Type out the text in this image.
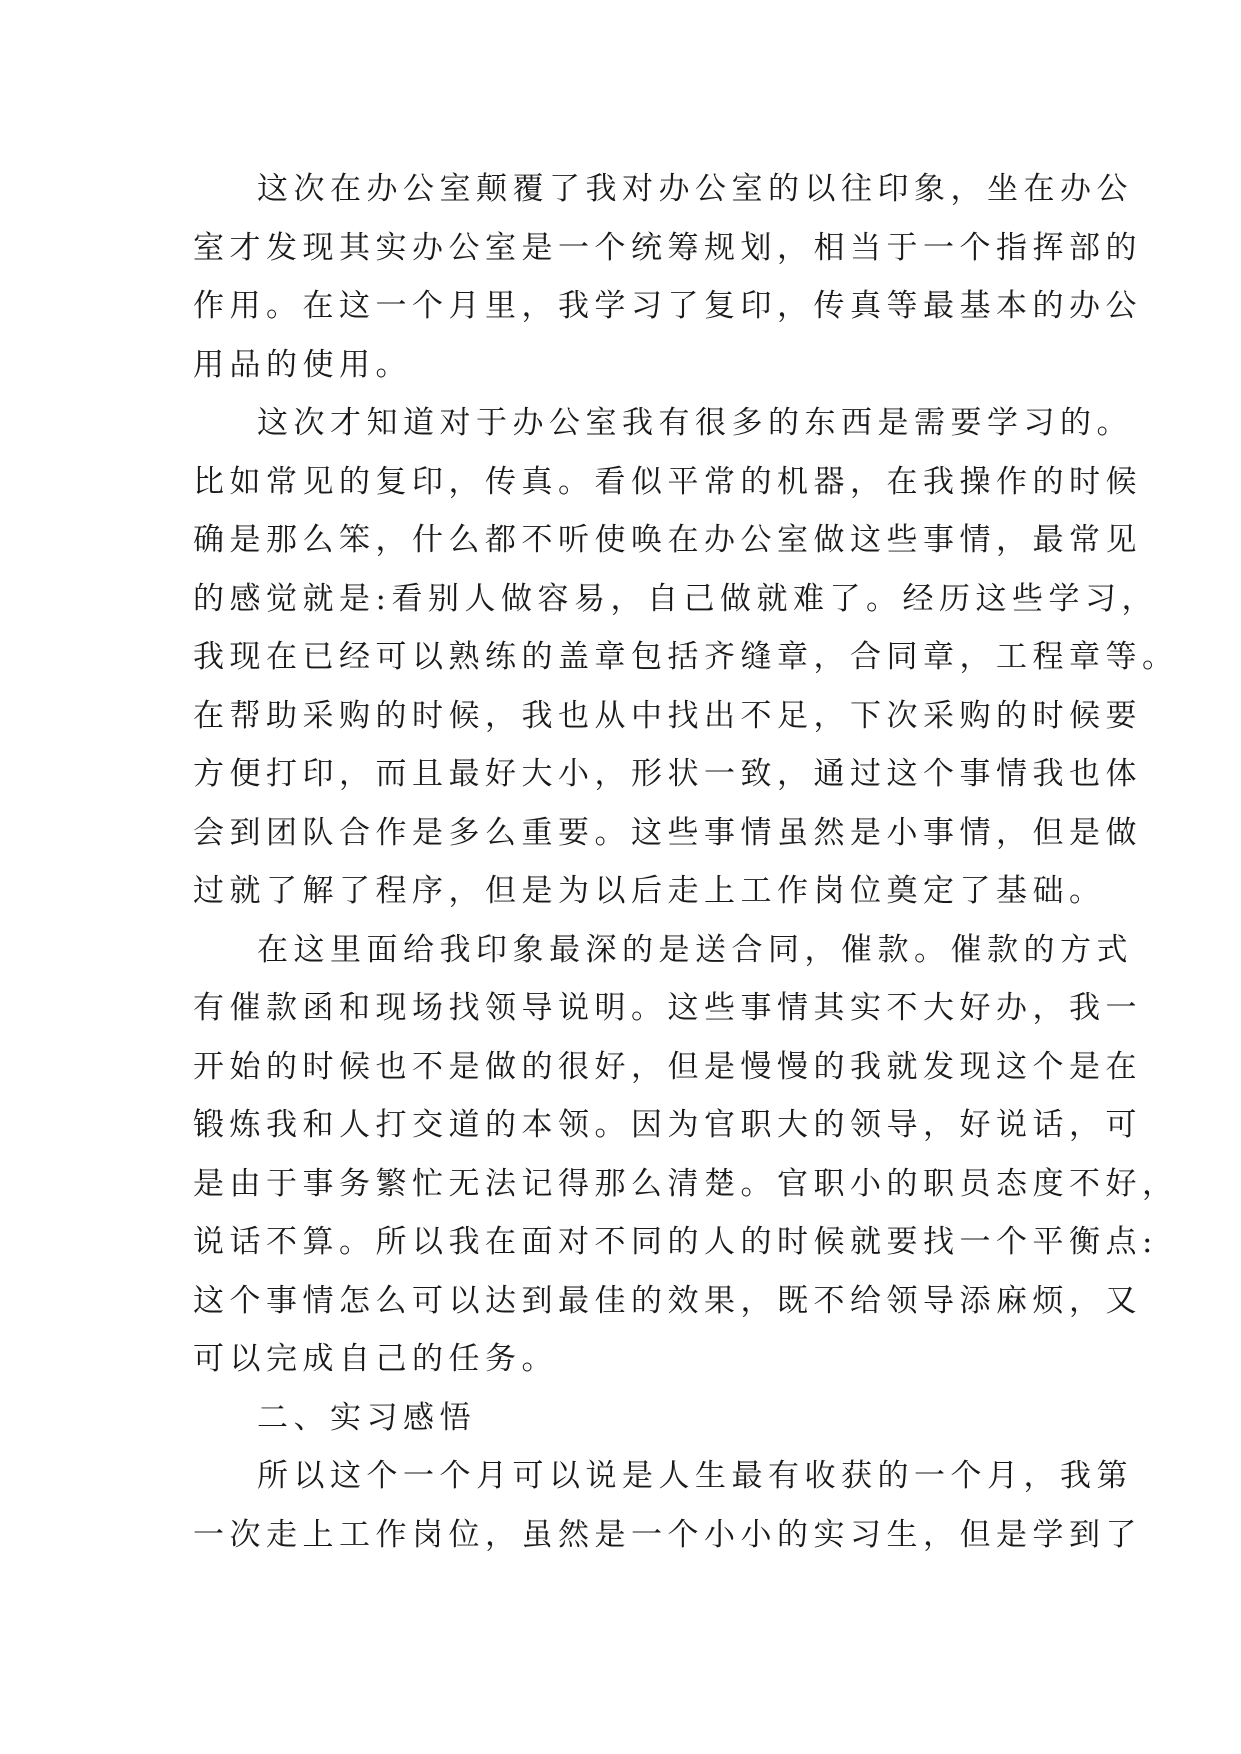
这次在办公室颠覆了我对办公室的以往印象，坐在办公
室才发现其实办公室是一个统筹规划，相当于一个指挥部的
作用。在这一个月里，我学习了复印，传真等最基本的办公
用品的使用。
这次才知道对于办公室我有很多的东西是需要学习的。
比如常见的复印，传真。看似平常的机器，在我操作的时候
确是那么笨，什么都不听使唤在办公室做这些事情，最常见
的感觉就是:看别人做容易，自己做就难了。经历这些学习，
我现在已经可以熟练的盖章包括齐缝章，合同章，工程章等。
在帮助采购的时候，我也从中找出不足，下次采购的时候要
方便打印，而且最好大小，形状一致，通过这个事情我也体
会到团队合作是多么重要。这些事情虽然是小事情，但是做
过就了解了程序，但是为以后走上工作岗位奠定了基础。
在这里面给我印象最深的是送合同，催款。催款的方式
有催款函和现场找领导说明。这些事情其实不大好办，我一
开始的时候也不是做的很好，但是慢慢的我就发现这个是在
锻炼我和人打交道的本领。因为官职大的领导，好说话，可
是由于事务繁忙无法记得那么清楚。官职小的职员态度不好，
说话不算。所以我在面对不同的人的时候就要找一个平衡点:
这个事情怎么可以达到最佳的效果，既不给领导添麻烦，又
可以完成自己的任务。
二、实习感悟
所以这个一个月可以说是人生最有收获的一个月，我第
一次走上工作岗位，虽然是一个小小的实习生，但是学到了
